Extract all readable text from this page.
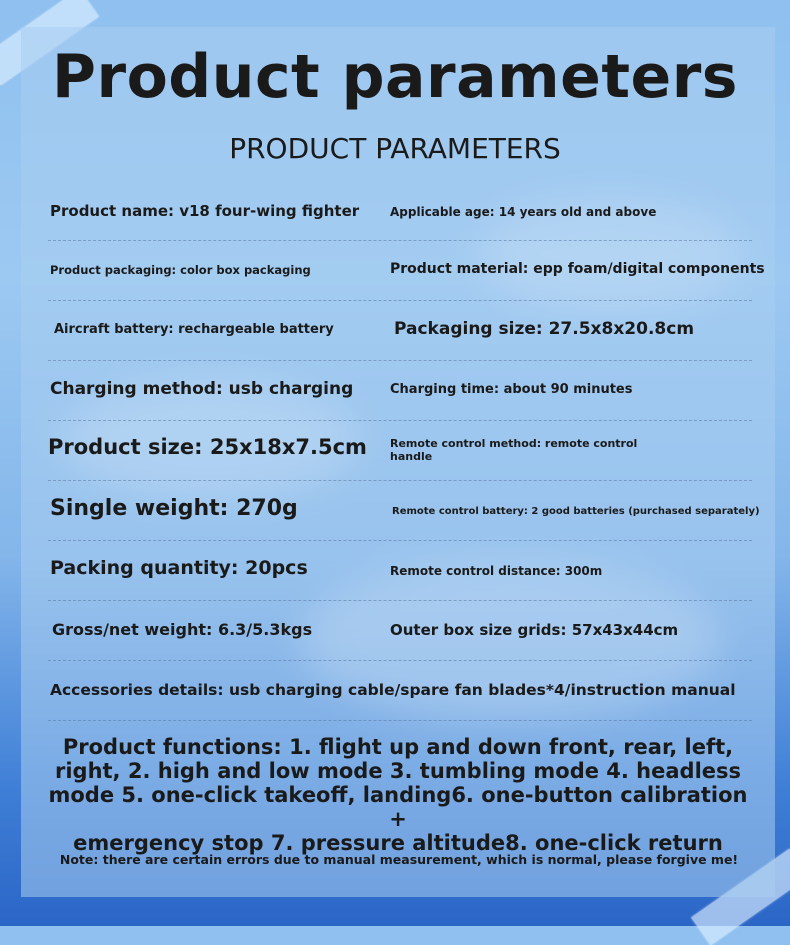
Product parameters
PRODUCT PARAMETERS
Product name: v18 four-wing fighter	Applicable age: 14 years old and above
Product packaging: color box packaging	Product material: epp foam/digital components
Aircraft battery: rechargeable battery	Packaging size: 27.5x8x20.8cm
Charging method: usb charging	Charging time: about 90 minutes
Product size: 25x18x7.5cm Remote control method: remote control
handle
Single weight: 270g	Remote control battery: 2 good batteries (purchased separately)
Packing quantity: 20pcs	Remote control distance: 300m
Gross/net weight: 6.3/5.3kgs	Outer box size grids: 57x43x44cm
Accessories details: usb charging cable/spare fan blades*4/instruction manual
Product functions: 1. flight up and down front, rear, left,
right, 2. high and low mode 3. tumbling mode 4. headless
mode 5. one-click takeoff, landing6. one-button calibration +
emergency stop 7. pressure altitude8. one-click return
Note: there are certain errors due to manual measurement, which is normal, please forgive me!
